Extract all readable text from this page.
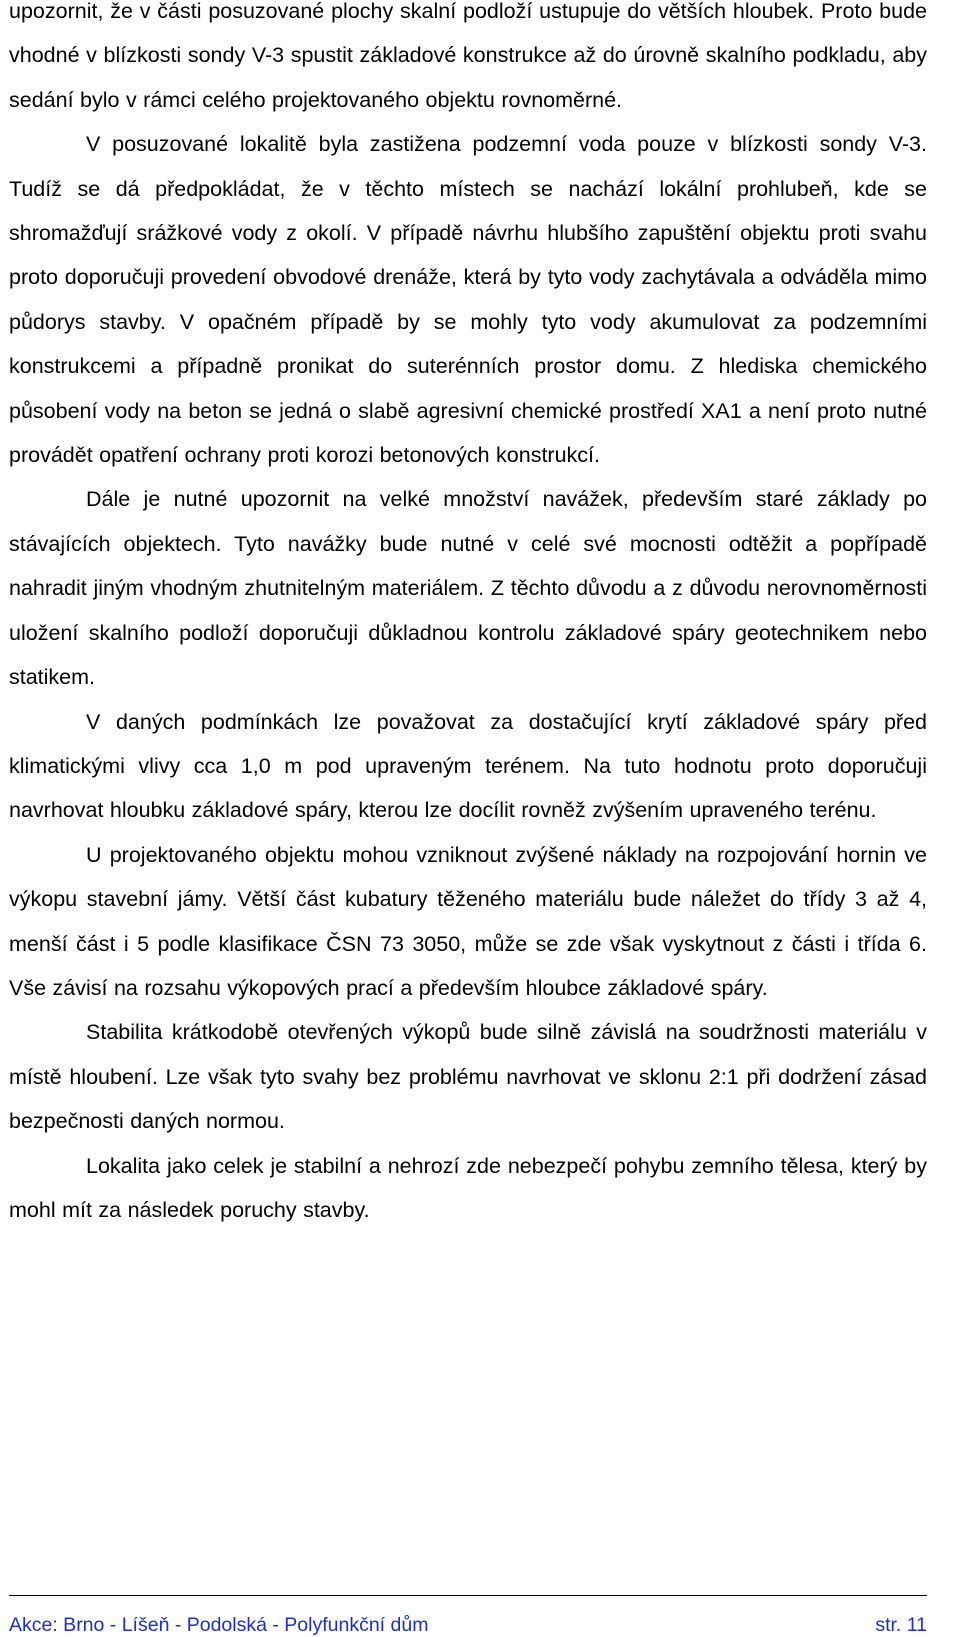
upozornit, že v části posuzované plochy skalní podloží ustupuje do větších hloubek. Proto bude vhodné v blízkosti sondy V-3 spustit základové konstrukce až do úrovně skalního podkladu, aby sedání bylo v rámci celého projektovaného objektu rovnoměrné.

V posuzované lokalitě byla zastižena podzemní voda pouze v blízkosti sondy V-3. Tudíž se dá předpokládat, že v těchto místech se nachází lokální prohlubeň, kde se shromažďují srážkové vody z okolí. V případě návrhu hlubšího zapuštění objektu proti svahu proto doporučuji provedení obvodové drenáže, která by tyto vody zachytávala a odváděla mimo půdorys stavby. V opačném případě by se mohly tyto vody akumulovat za podzemními konstrukcemi a případně pronikat do suterénních prostor domu. Z hlediska chemického působení vody na beton se jedná o slabě agresivní chemické prostředí XA1 a není proto nutné provádět opatření ochrany proti korozi betonových konstrukcí.

Dále je nutné upozornit na velké množství navážek, především staré základy po stávajících objektech. Tyto navážky bude nutné v celé své mocnosti odtěžit a popřípadě nahradit jiným vhodným zhutnitelným materiálem. Z těchto důvodu a z důvodu nerovnoměrnosti uložení skalního podloží doporučuji důkladnou kontrolu základové spáry geotechnikem nebo statikem.

V daných podmínkách lze považovat za dostačující krytí základové spáry před klimatickými vlivy cca 1,0 m pod upraveným terénem. Na tuto hodnotu proto doporučuji navrhovat hloubku základové spáry, kterou lze docílit rovněž zvýšením upraveného terénu.

U projektovaného objektu mohou vzniknout zvýšené náklady na rozpojování hornin ve výkopu stavební jámy. Větší část kubatury těženého materiálu bude náležet do třídy 3 až 4, menší část i 5 podle klasifikace ČSN 73 3050, může se zde však vyskytnout z části i třída 6. Vše závisí na rozsahu výkopových prací a především hloubce základové spáry.

Stabilita krátkodobě otevřených výkopů bude silně závislá na soudržnosti materiálu v místě hloubení. Lze však tyto svahy bez problému navrhovat ve sklonu 2:1 při dodržení zásad bezpečnosti daných normou.

Lokalita jako celek je stabilní a nehrozí zde nebezpečí pohybu zemního tělesa, který by mohl mít za následek poruchy stavby.

Akce: Brno - Líšeň - Podolská - Polyfunkční dům	str. 11
